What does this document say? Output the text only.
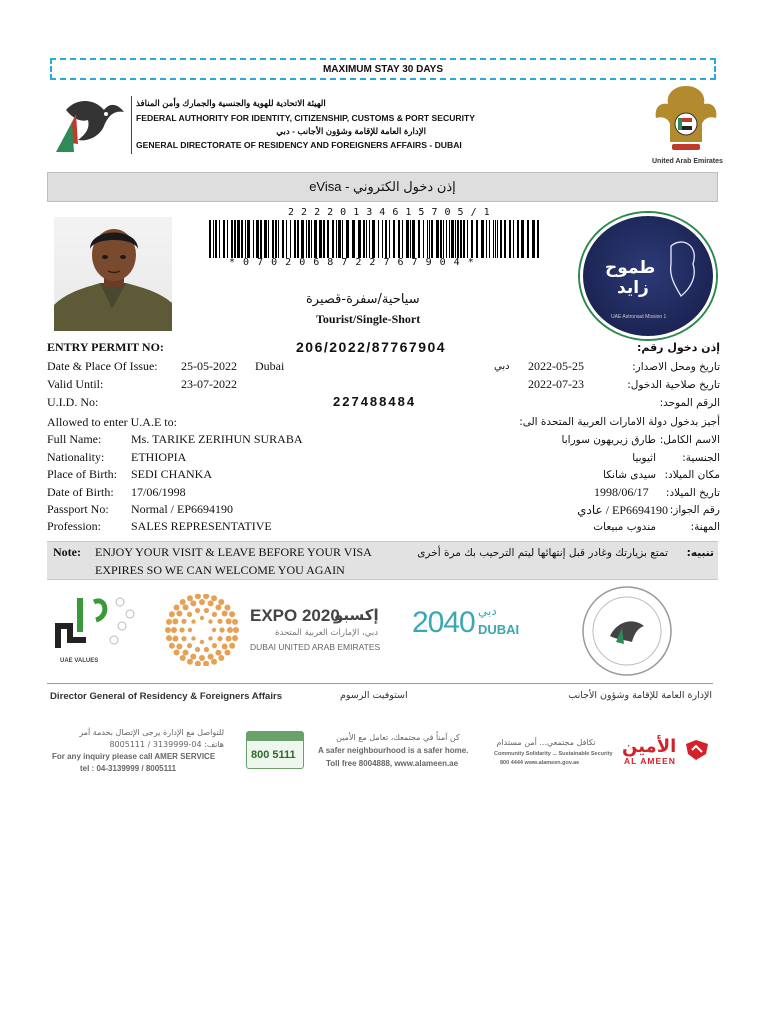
MAXIMUM STAY 30 DAYS
الهيئة الاتحادية للهوية والجنسية والجمارك وأمن المنافذ
FEDERAL AUTHORITY FOR IDENTITY, CITIZENSHIP, CUSTOMS & PORT SECURITY
الإدارة العامة للإقامة وشؤون الأجانب - دبي
GENERAL DIRECTORATE OF RESIDENCY AND FOREIGNERS AFFAIRS - DUBAI
United Arab Emirates
eVisa - إذن دخول الكتروني
2 2 2 2 0 1 3 4 6 1 5 7 0 5 / 1
* 0 7 0 2 0 6 8 7 2 2 7 6 7 9 0 4 *	طموح
زايد
UAE Astronaut Mission 1
سياحية/سفرة-قصيرة
Tourist/Single-Short
ENTRY PERMIT NO:	206/2022/87767904	إذن دخول رقم:
Date & Place Of Issue: 25-05-2022 Dubai	دبي 2022-05-25	تاريخ ومحل الاصدار:
Valid Until:	23-07-2022	2022-07-23	تاريخ صلاحية الدخول:
U.I.D. No:	227488484	الرقم الموحد:
Allowed to enter U.A.E to:	أجيز بدخول دولة الامارات العربية المتحدة الى:
Full Name: Ms. TARIKE ZERIHUN SURABA	طارق زيريهون سورابا الاسم الكامل:
Nationality: ETHIOPIA	اثيوبيا الجنسية:
Place of Birth: SEDI CHANKA	سيدى شانكا مكان الميلاد:
Date of Birth: 17/06/1998	1998/06/17 تاريخ الميلاد:
Passport No: Normal / EP6694190	EP6694190 / عادي رقم الجواز:
Profession:	SALES REPRESENTATIVE	مندوب مبيعات	المهنة:
Note: ENJOY YOUR VISIT & LEAVE BEFORE YOUR VISA
EXPIRES SO WE CAN WELCOME YOU AGAIN
تمتع بزيارتك وغادر قبل إنتهائها ليتم الترحيب بك مرة أخرى تنبيه:
UAE VALUES
EXPO 2020
إكسبو
دبي، الإمارات العربية المتحدة
DUBAI UNITED ARAB EMIRATES
2040 دبي
DUBAI
Director General of Residency & Foreigners Affairs	استوفيت الرسوم	الإدارة العامة للإقامة وشؤون الأجانب
للتواصل مع الإدارة يرجى الإتصال بخدمة آمر
هاتف: 04-3139999 / 8005111
For any inquiry please call AMER SERVICE
tel : 04-3139999 / 8005111
800 5111
كن آمناً في مجتمعك، تعامل مع الأمين
A safer neighbourhood is a safer home.
Toll free 8004888, www.alameen.ae
تكافل مجتمعي... أمن مستدام
Community Solidarity ... Sustainable Security
800 4444 www.alameen.gov.ae
الأمين
AL AMEEN
